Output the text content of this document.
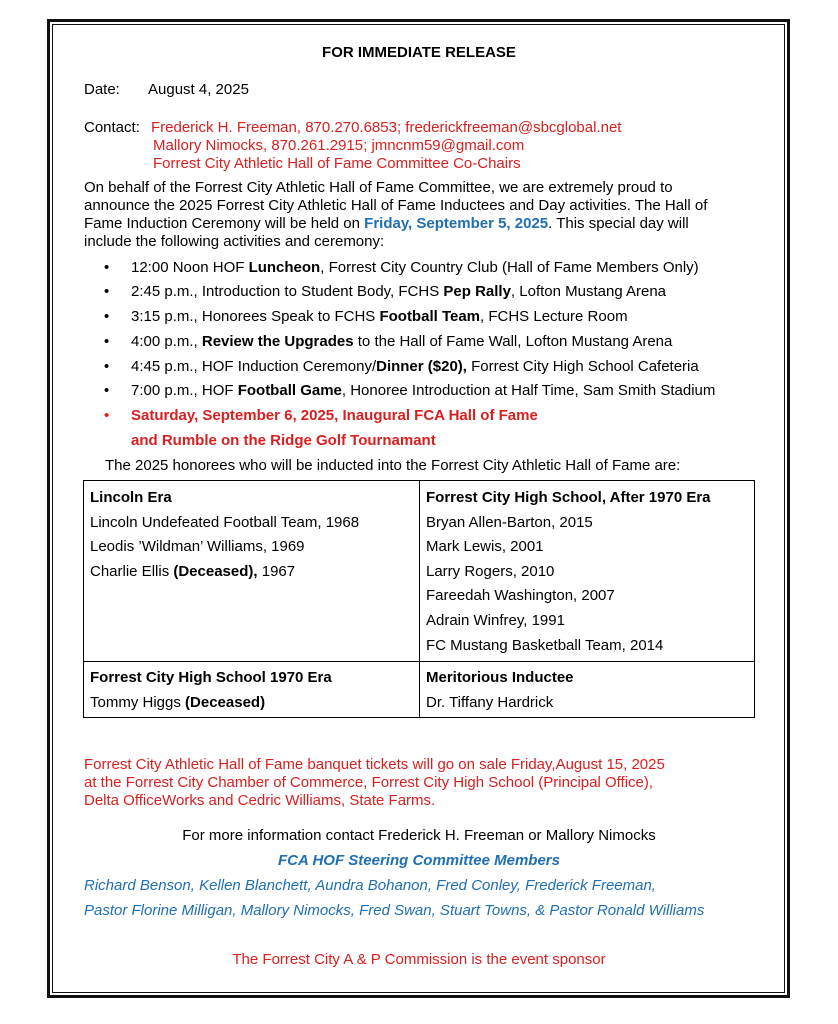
FOR IMMEDIATE RELEASE
Date: August 4, 2025
Contact: Frederick H. Freeman, 870.270.6853; frederickfreeman@sbcglobal.net
Mallory Nimocks, 870.261.2915; jmncnm59@gmail.com
Forrest City Athletic Hall of Fame Committee Co-Chairs
On behalf of the Forrest City Athletic Hall of Fame Committee, we are extremely proud to
announce the 2025 Forrest City Athletic Hall of Fame Inductees and Day activities. The Hall of
Fame Induction Ceremony will be held on Friday, September 5, 2025. This special day will
include the following activities and ceremony:
• 12:00 Noon HOF Luncheon, Forrest City Country Club (Hall of Fame Members Only)
• 2:45 p.m., Introduction to Student Body, FCHS Pep Rally, Lofton Mustang Arena
• 3:15 p.m., Honorees Speak to FCHS Football Team, FCHS Lecture Room
• 4:00 p.m., Review the Upgrades to the Hall of Fame Wall, Lofton Mustang Arena
• 4:45 p.m., HOF Induction Ceremony/Dinner ($20), Forrest City High School Cafeteria
• 7:00 p.m., HOF Football Game, Honoree Introduction at Half Time, Sam Smith Stadium
• Saturday, September 6, 2025, Inaugural FCA Hall of Fame
and Rumble on the Ridge Golf Tournamant
The 2025 honorees who will be inducted into the Forrest City Athletic Hall of Fame are:
Lincoln Era
Lincoln Undefeated Football Team, 1968
Leodis ’Wildman’ Williams, 1969
Charlie Ellis (Deceased), 1967
Forrest City High School, After 1970 Era
Bryan Allen-Barton, 2015
Mark Lewis, 2001
Larry Rogers, 2010
Fareedah Washington, 2007
Adrain Winfrey, 1991
FC Mustang Basketball Team, 2014
Forrest City High School 1970 Era
Tommy Higgs (Deceased)
Meritorious Inductee
Dr. Tiffany Hardrick
Forrest City Athletic Hall of Fame banquet tickets will go on sale Friday,August 15, 2025
at the Forrest City Chamber of Commerce, Forrest City High School (Principal Office),
Delta OfficeWorks and Cedric Williams, State Farms.
For more information contact Frederick H. Freeman or Mallory Nimocks
FCA HOF Steering Committee Members
Richard Benson, Kellen Blanchett, Aundra Bohanon, Fred Conley, Frederick Freeman,
Pastor Florine Milligan, Mallory Nimocks, Fred Swan, Stuart Towns, & Pastor Ronald Williams
The Forrest City A & P Commission is the event sponsor
